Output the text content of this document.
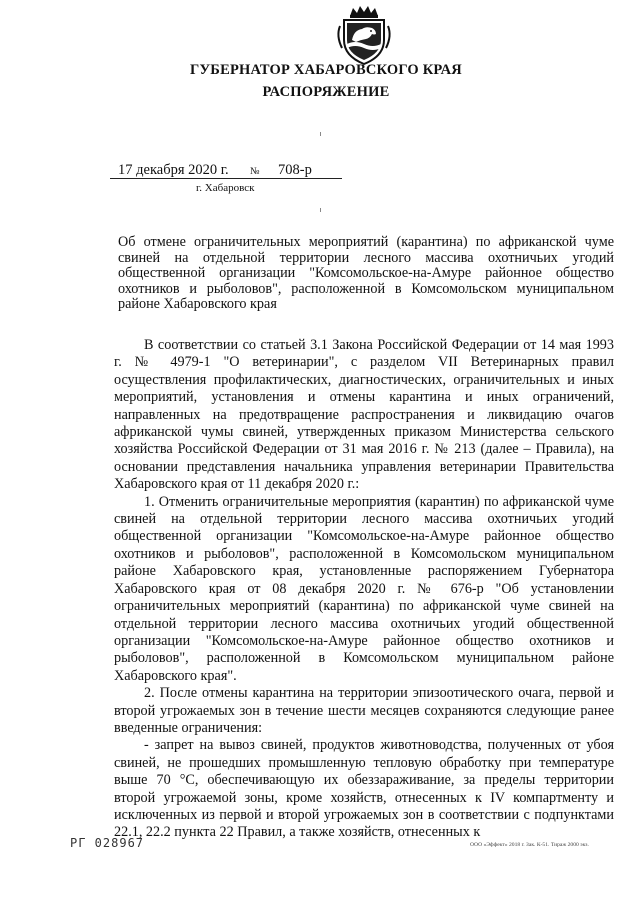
ГУБЕРНАТОР ХАБАРОВСКОГО КРАЯ
РАСПОРЯЖЕНИЕ
17 декабря 2020 г. № 708-р
г. Хабаровск
Об отмене ограничительных мероприятий (карантина) по африканской чуме свиней на отдельной территории лесного массива охотничьих угодий общественной организации "Комсомольское-на-Амуре районное общество охотников и рыболовов", расположенной в Комсомольском муниципальном районе Хабаровского края

В соответствии со статьей 3.1 Закона Российской Федерации от 14 мая 1993 г. № 4979-1 "О ветеринарии", с разделом VII Ветеринарных правил осуществления профилактических, диагностических, ограничительных и иных мероприятий, установления и отмены карантина и иных ограничений, направленных на предотвращение распространения и ликвидацию очагов африканской чумы свиней, утвержденных приказом Министерства сельского хозяйства Российской Федерации от 31 мая 2016 г. № 213 (далее – Правила), на основании представления начальника управления ветеринарии Правительства Хабаровского края от 11 декабря 2020 г.:

1. Отменить ограничительные мероприятия (карантин) по африканской чуме свиней на отдельной территории лесного массива охотничьих угодий общественной организации "Комсомольское-на-Амуре районное общество охотников и рыболовов", расположенной в Комсомольском муниципальном районе Хабаровского края, установленные распоряжением Губернатора Хабаровского края от 08 декабря 2020 г. № 676-р "Об установлении ограничительных мероприятий (карантина) по африканской чуме свиней на отдельной территории лесного массива охотничьих угодий общественной организации "Комсомольское-на-Амуре районное общество охотников и рыболовов", расположенной в Комсомольском муниципальном районе Хабаровского края".

2. После отмены карантина на территории эпизоотического очага, первой и второй угрожаемых зон в течение шести месяцев сохраняются следующие ранее введенные ограничения:

- запрет на вывоз свиней, продуктов животноводства, полученных от убоя свиней, не прошедших промышленную тепловую обработку при температуре выше 70 °С, обеспечивающую их обеззараживание, за пределы территории второй угрожаемой зоны, кроме хозяйств, отнесенных к IV компартменту и исключенных из первой и второй угрожаемых зон в соответствии с подпунктами 22.1, 22.2 пункта 22 Правил, а также хозяйств, отнесенных к

РГ 028967	ООО «Эффект» 2018 г. Зак. К-51. Тираж 2000 экз.
